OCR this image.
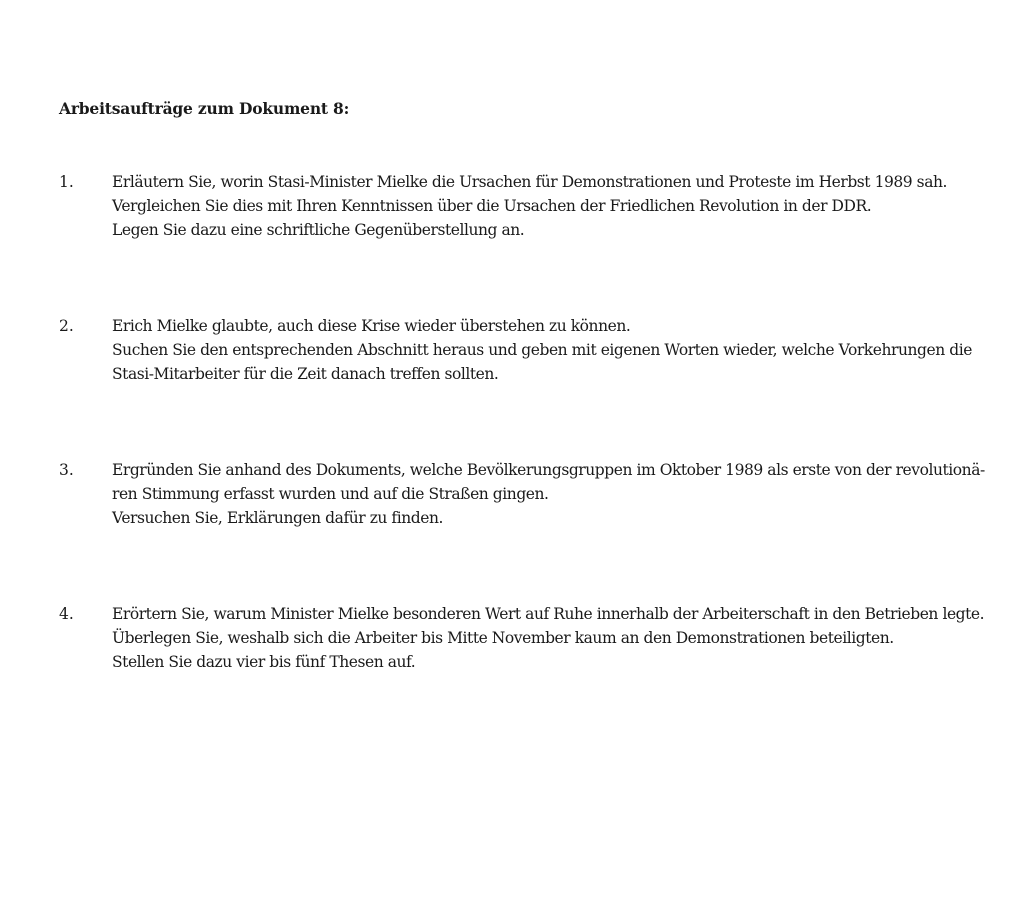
Arbeitsaufträge zum Dokument 8:
1. Erläutern Sie, worin Stasi-Minister Mielke die Ursachen für Demonstrationen und Proteste im Herbst 1989 sah.
Vergleichen Sie dies mit Ihren Kenntnissen über die Ursachen der Friedlichen Revolution in der DDR.
Legen Sie dazu eine schriftliche Gegenüberstellung an.
2. Erich Mielke glaubte, auch diese Krise wieder überstehen zu können.
Suchen Sie den entsprechenden Abschnitt heraus und geben mit eigenen Worten wieder, welche Vorkehrungen die
Stasi-Mitarbeiter für die Zeit danach treffen sollten.
3. Ergründen Sie anhand des Dokuments, welche Bevölkerungsgruppen im Oktober 1989 als erste von der revolutionä-
ren Stimmung erfasst wurden und auf die Straßen gingen.
Versuchen Sie, Erklärungen dafür zu finden.
4. Erörtern Sie, warum Minister Mielke besonderen Wert auf Ruhe innerhalb der Arbeiterschaft in den Betrieben legte.
Überlegen Sie, weshalb sich die Arbeiter bis Mitte November kaum an den Demonstrationen beteiligten.
Stellen Sie dazu vier bis fünf Thesen auf.
